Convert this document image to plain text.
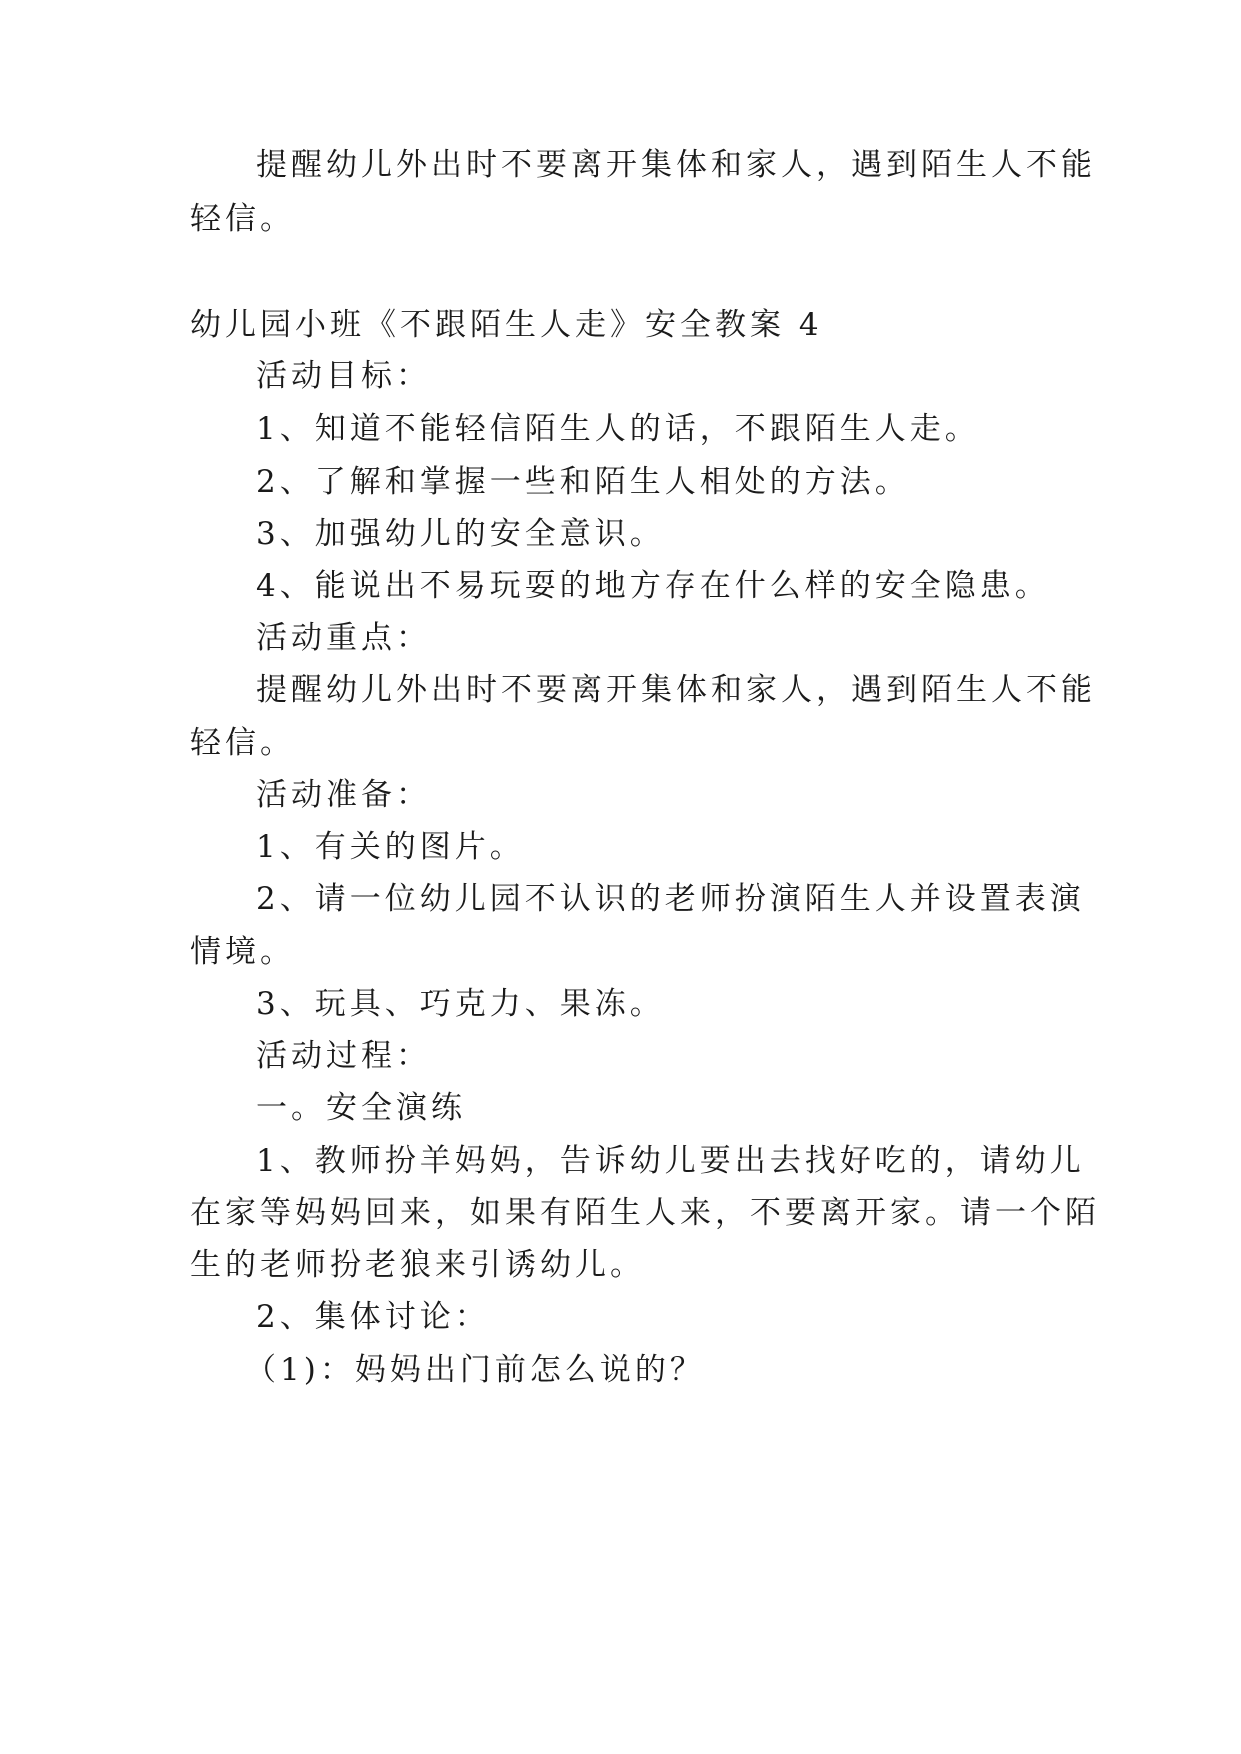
提醒幼儿外出时不要离开集体和家人，遇到陌生人不能
轻信。
幼儿园小班《不跟陌生人走》安全教案 4
活动目标：
1、知道不能轻信陌生人的话，不跟陌生人走。
2、了解和掌握一些和陌生人相处的方法。
3、加强幼儿的安全意识。
4、能说出不易玩耍的地方存在什么样的安全隐患。
活动重点：
提醒幼儿外出时不要离开集体和家人，遇到陌生人不能
轻信。
活动准备：
1、有关的图片。
2、请一位幼儿园不认识的老师扮演陌生人并设置表演
情境。
3、玩具、巧克力、果冻。
活动过程：
一。安全演练
1、教师扮羊妈妈，告诉幼儿要出去找好吃的，请幼儿
在家等妈妈回来，如果有陌生人来，不要离开家。请一个陌
生的老师扮老狼来引诱幼儿。
2、集体讨论：
（1)：妈妈出门前怎么说的？
